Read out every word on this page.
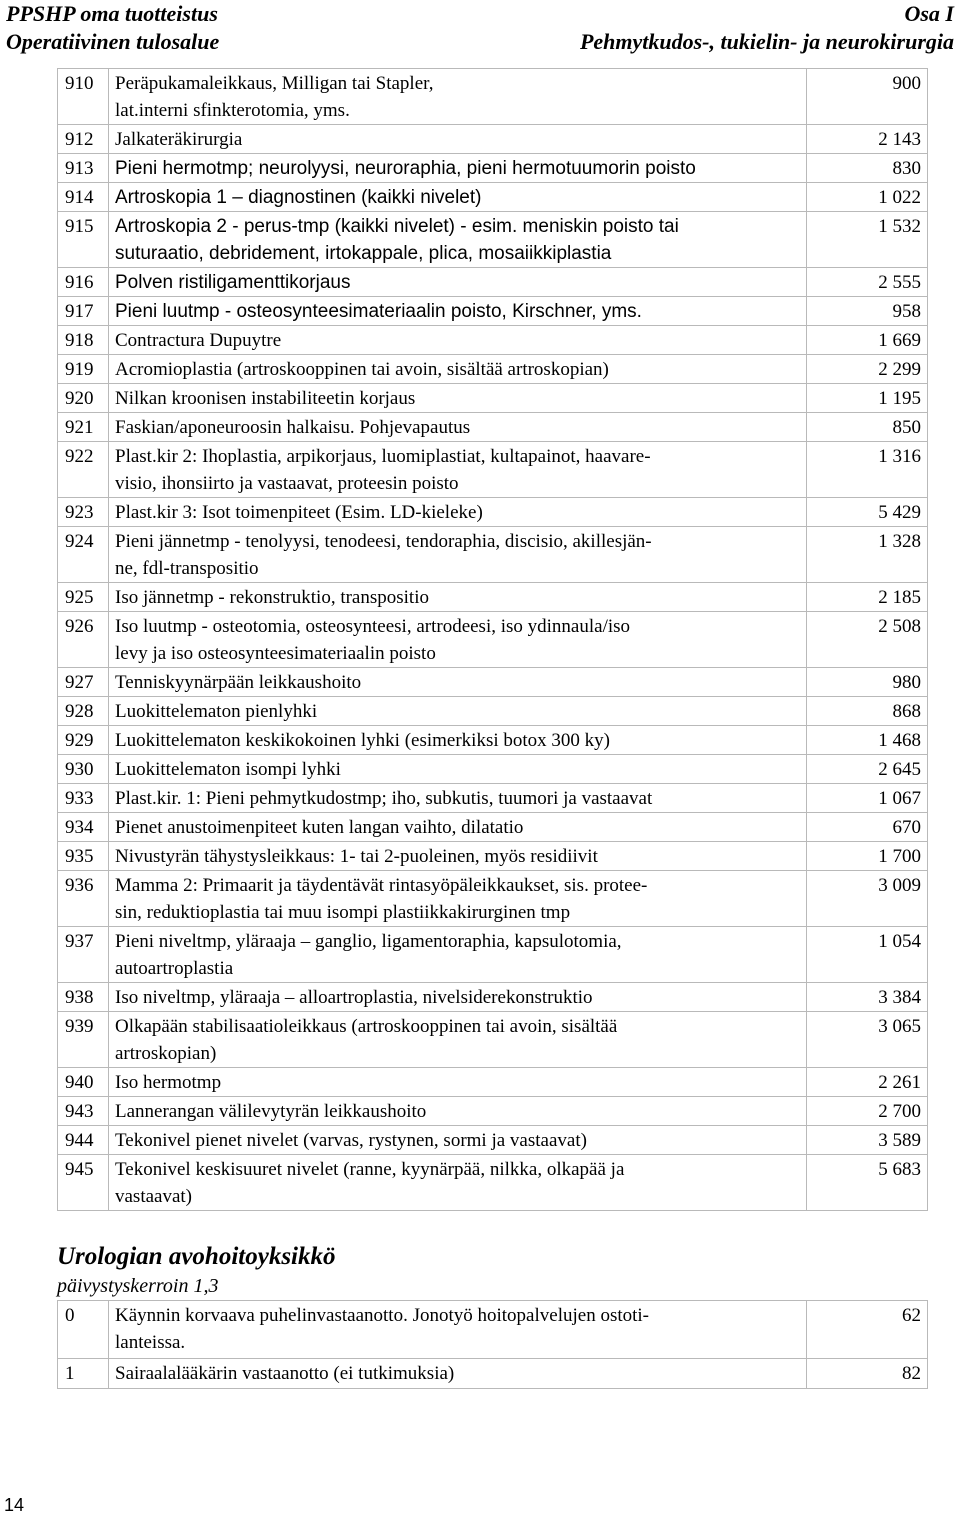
PPSHP oma tuotteistus
Operatiivinen tulosalue
Osa I
Pehmytkudos-, tukielin- ja neurokirurgia
910	Peräpukamaleikkaus, Milligan tai Stapler,
lat.interni sfinkterotomia, yms.	900
912	Jalkateräkirurgia	2 143
913	Pieni hermotmp; neurolyysi, neuroraphia, pieni hermotuumorin poisto	830
914	Artroskopia 1 – diagnostinen (kaikki nivelet)	1 022
915	Artroskopia 2 - perus-tmp (kaikki nivelet) - esim. meniskin poisto tai
suturaatio, debridement, irtokappale, plica, mosaiikkiplastia	1 532
916	Polven ristiligamenttikorjaus	2 555
917	Pieni luutmp - osteosynteesimateriaalin poisto, Kirschner, yms.	958
918	Contractura Dupuytre	1 669
919	Acromioplastia (artroskooppinen tai avoin, sisältää artroskopian)	2 299
920	Nilkan kroonisen instabiliteetin korjaus	1 195
921	Faskian/aponeuroosin halkaisu. Pohjevapautus	850
922	Plast.kir 2: Ihoplastia, arpikorjaus, luomiplastiat, kultapainot, haavare-
visio, ihonsiirto ja vastaavat, proteesin poisto	1 316
923	Plast.kir 3: Isot toimenpiteet (Esim. LD-kieleke)	5 429
924	Pieni jännetmp - tenolyysi, tenodeesi, tendoraphia, discisio, akillesjän-
ne, fdl-transpositio	1 328
925	Iso jännetmp - rekonstruktio, transpositio	2 185
926	Iso luutmp - osteotomia, osteosynteesi, artrodeesi, iso ydinnaula/iso
levy ja iso osteosynteesimateriaalin poisto	2 508
927	Tenniskyynärpään leikkaushoito	980
928	Luokittelematon pienlyhki	868
929	Luokittelematon keskikokoinen lyhki (esimerkiksi botox 300 ky)	1 468
930	Luokittelematon isompi lyhki	2 645
933	Plast.kir. 1: Pieni pehmytkudostmp; iho, subkutis, tuumori ja vastaavat	1 067
934	Pienet anustoimenpiteet kuten langan vaihto, dilatatio	670
935	Nivustyrän tähystysleikkaus: 1- tai 2-puoleinen, myös residiivit	1 700
936	Mamma 2: Primaarit ja täydentävät rintasyöpäleikkaukset, sis. protee-
sin, reduktioplastia tai muu isompi plastiikkakirurginen tmp	3 009
937	Pieni niveltmp, yläraaja – ganglio, ligamentoraphia, kapsulotomia,
autoartroplastia	1 054
938	Iso niveltmp, yläraaja – alloartroplastia, nivelsiderekonstruktio	3 384
939	Olkapään stabilisaatioleikkaus (artroskooppinen tai avoin, sisältää
artroskopian)	3 065
940	Iso hermotmp	2 261
943	Lannerangan välilevytyrän leikkaushoito	2 700
944	Tekonivel pienet nivelet (varvas, rystynen, sormi ja vastaavat)	3 589
945	Tekonivel keskisuuret nivelet (ranne, kyynärpää, nilkka, olkapää ja
vastaavat)	5 683
Urologian avohoitoyksikkö
päivystyskerroin 1,3
0	Käynnin korvaava puhelinvastaanotto. Jonotyö hoitopalvelujen ostoti-
lanteissa.	62
1	Sairaalalääkärin vastaanotto (ei tutkimuksia)	82
14
